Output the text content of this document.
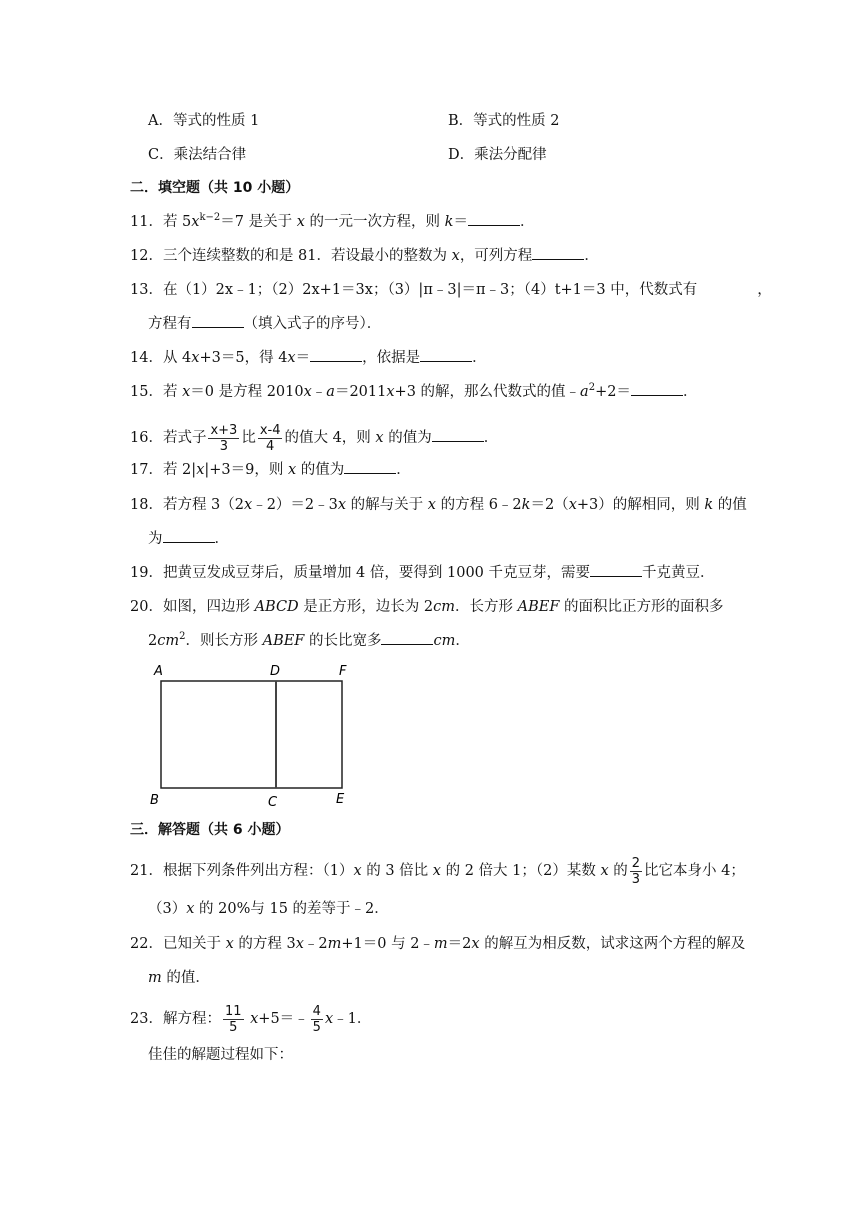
A．等式的性质 1	B．等式的性质 2
C．乘法结合律	D．乘法分配律
二．填空题（共 10 小题）
11．若 $5x^{k-2}=7$ 是关于 x 的一元一次方程，则 k＝	．
12．三个连续整数的和是 81．若设最小的整数为 x，可列方程	．
13．在（1）2x﹣1；（2）2x+1＝3x；（3）|π﹣3|＝π﹣3；（4）t+1＝3 中，代数式有	，
方程有	（填入式子的序号）．
14．从 4x+3＝5，得 4x＝	，依据是	．
15．若 x＝0 是方程 2010x﹣a＝2011x+3 的解，那么代数式的值$﹣a^2+2=$	．
16．若式子 $\frac{x+3}{3}$ 比 $\frac{x-4}{4}$ 的值大 4，则 x 的值为	．
17．若 2|x|+3＝9，则 x 的值为	．
18．若方程 3（2x﹣2）＝2﹣3x 的解与关于 x 的方程 6﹣2k＝2（x+3）的解相同，则 k 的值
为	．
19．把黄豆发成豆芽后，质量增加 4 倍，要得到 1000 千克豆芽，需要	千克黄豆．
20．如图，四边形 ABCD 是正方形，边长为 2cm．长方形 ABEF 的面积比正方形的面积多
$2cm^2$．则长方形 ABEF 的长比宽多	cm．
A	D	F
B	C	E
三．解答题（共 6 小题）
21．根据下列条件列出方程：（1）x 的 3 倍比 x 的 2 倍大 1；（2）某数 x 的 $\frac{2}{3}$ 比它本身小 4；
（3）x 的 20%与 15 的差等于﹣2．
22．已知关于 x 的方程 3x﹣2m+1＝0 与 2﹣m＝2x 的解互为相反数，试求这两个方程的解及
m 的值．
23．解方程： $\frac{11}{5}$ x+5＝﹣ $\frac{4}{5}$ x﹣1．
佳佳的解题过程如下：
